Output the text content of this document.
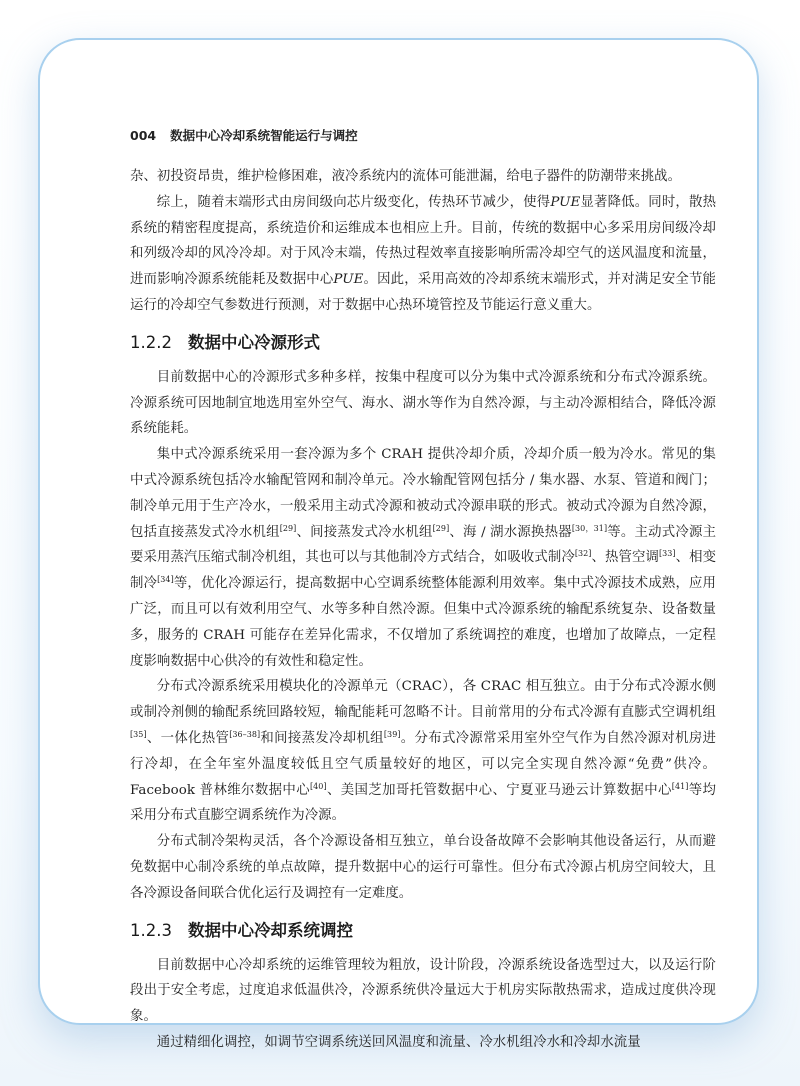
004 数据中心冷却系统智能运行与调控

杂、初投资昂贵，维护检修困难，液冷系统内的流体可能泄漏，给电子器件的防潮带来挑战。

综上，随着末端形式由房间级向芯片级变化，传热环节减少，使得PUE显著降低。同时，散热系统的精密程度提高，系统造价和运维成本也相应上升。目前，传统的数据中心多采用房间级冷却和列级冷却的风冷冷却。对于风冷末端，传热过程效率直接影响所需冷却空气的送风温度和流量，进而影响冷源系统能耗及数据中心PUE。因此，采用高效的冷却系统末端形式，并对满足安全节能运行的冷却空气参数进行预测，对于数据中心热环境管控及节能运行意义重大。

1.2.2 数据中心冷源形式

目前数据中心的冷源形式多种多样，按集中程度可以分为集中式冷源系统和分布式冷源系统。冷源系统可因地制宜地选用室外空气、海水、湖水等作为自然冷源，与主动冷源相结合，降低冷源系统能耗。

集中式冷源系统采用一套冷源为多个 CRAH 提供冷却介质，冷却介质一般为冷水。常见的集中式冷源系统包括冷水输配管网和制冷单元。冷水输配管网包括分 / 集水器、水泵、管道和阀门；制冷单元用于生产冷水，一般采用主动式冷源和被动式冷源串联的形式。被动式冷源为自然冷源，包括直接蒸发式冷水机组[29]、间接蒸发式冷水机组[29]、海 / 湖水源换热器[30，31]等。主动式冷源主要采用蒸汽压缩式制冷机组，其也可以与其他制冷方式结合，如吸收式制冷[32]、热管空调[33]、相变制冷[34]等，优化冷源运行，提高数据中心空调系统整体能源利用效率。集中式冷源技术成熟，应用广泛，而且可以有效利用空气、水等多种自然冷源。但集中式冷源系统的输配系统复杂、设备数量多，服务的 CRAH 可能存在差异化需求，不仅增加了系统调控的难度，也增加了故障点，一定程度影响数据中心供冷的有效性和稳定性。

分布式冷源系统采用模块化的冷源单元（CRAC），各 CRAC 相互独立。由于分布式冷源水侧或制冷剂侧的输配系统回路较短，输配能耗可忽略不计。目前常用的分布式冷源有直膨式空调机组[35]、一体化热管[36–38]和间接蒸发冷却机组[39]。分布式冷源常采用室外空气作为自然冷源对机房进行冷却，在全年室外温度较低且空气质量较好的地区，可以完全实现自然冷源“免费”供冷。Facebook 普林维尔数据中心[40]、美国芝加哥托管数据中心、宁夏亚马逊云计算数据中心[41]等均采用分布式直膨空调系统作为冷源。

分布式制冷架构灵活，各个冷源设备相互独立，单台设备故障不会影响其他设备运行，从而避免数据中心制冷系统的单点故障，提升数据中心的运行可靠性。但分布式冷源占机房空间较大，且各冷源设备间联合优化运行及调控有一定难度。

1.2.3 数据中心冷却系统调控

目前数据中心冷却系统的运维管理较为粗放，设计阶段，冷源系统设备选型过大，以及运行阶段出于安全考虑，过度追求低温供冷，冷源系统供冷量远大于机房实际散热需求，造成过度供冷现象。

通过精细化调控，如调节空调系统送回风温度和流量、冷水机组冷水和冷却水流量
